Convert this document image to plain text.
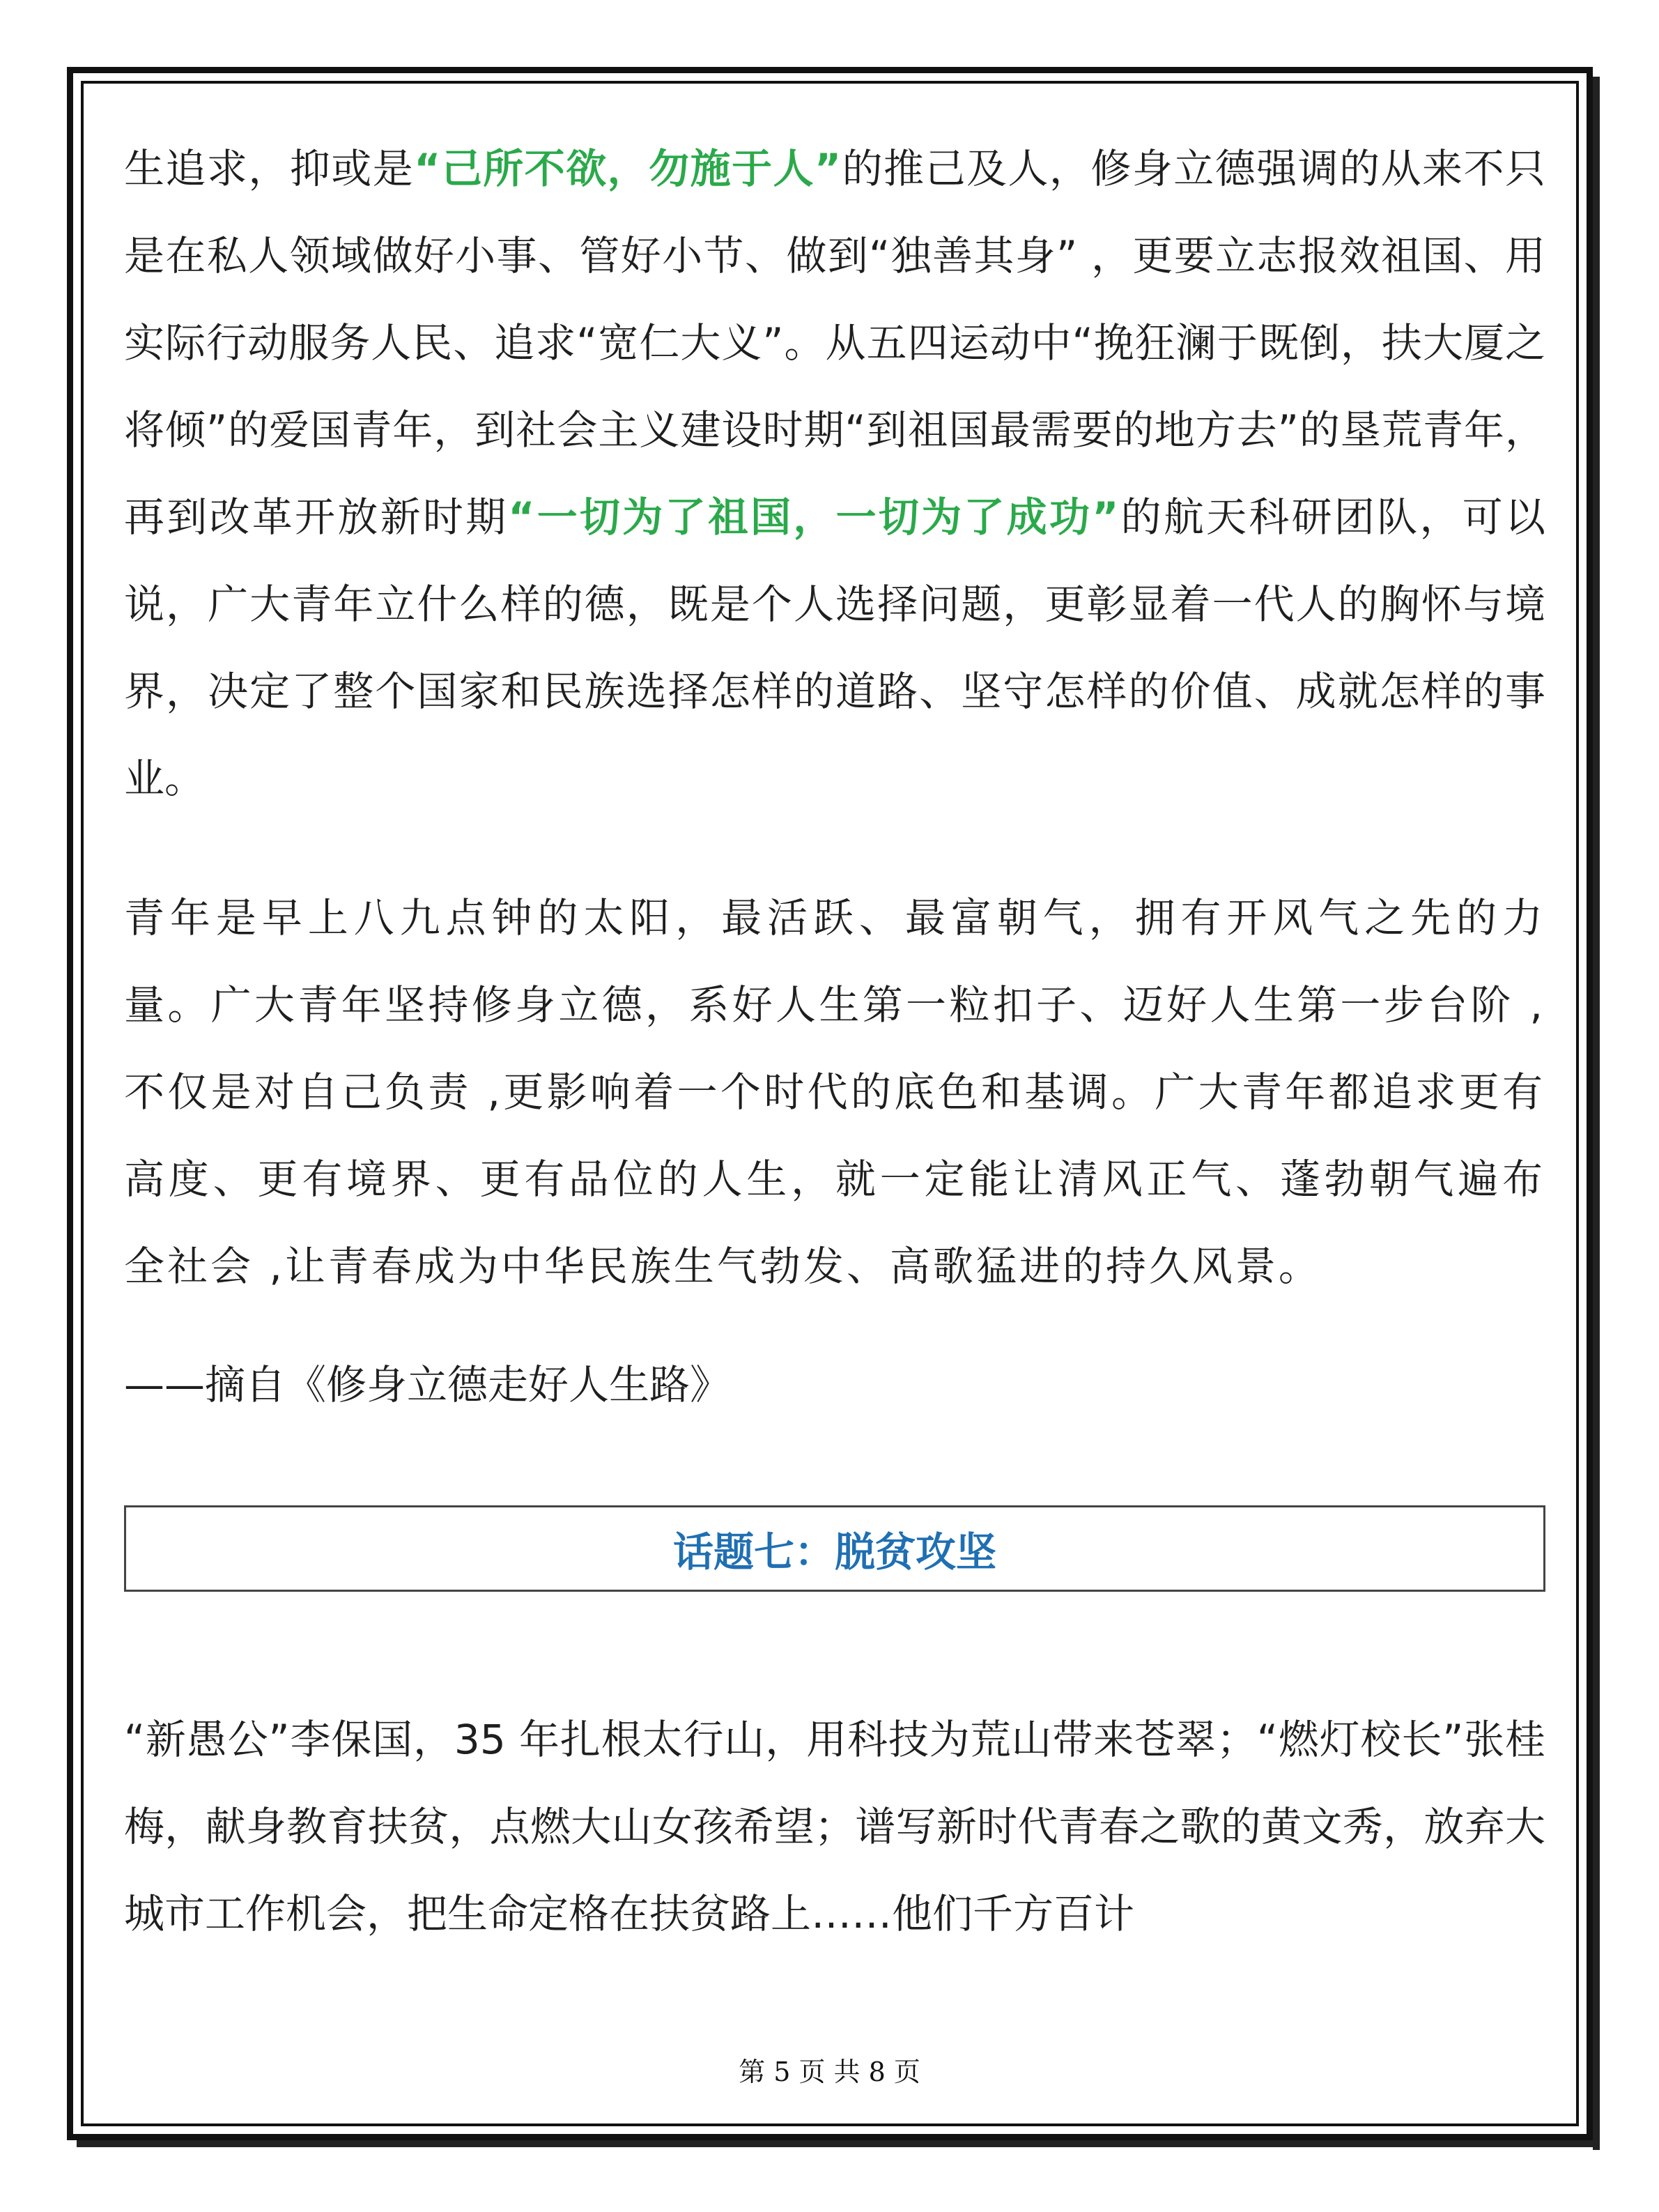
生追求，抑或是“己所不欲，勿施于人”的推己及人，修身立德强调的从来不只是在私人领域做好小事、管好小节、做到“独善其身” ，更要立志报效祖国、用实际行动服务人民、追求“宽仁大义”。从五四运动中“挽狂澜于既倒，扶大厦之将倾”的爱国青年，到社会主义建设时期“到祖国最需要的地方去”的垦荒青年，再到改革开放新时期“一切为了祖国，一切为了成功”的航天科研团队，可以说，广大青年立什么样的德，既是个人选择问题，更彰显着一代人的胸怀与境界，决定了整个国家和民族选择怎样的道路、坚守怎样的价值、成就怎样的事业。

青年是早上八九点钟的太阳，最活跃、最富朝气，拥有开风气之先的力量。广大青年坚持修身立德，系好人生第一粒扣子、迈好人生第一步台阶 ,不仅是对自己负责 ,更影响着一个时代的底色和基调。广大青年都追求更有高度、更有境界、更有品位的人生，就一定能让清风正气、蓬勃朝气遍布全社会 ,让青春成为中华民族生气勃发、高歌猛进的持久风景。

——摘自《修身立德走好人生路》
话题七：脱贫攻坚

“新愚公”李保国，35 年扎根太行山，用科技为荒山带来苍翠；“燃灯校长”张桂梅，献身教育扶贫，点燃大山女孩希望；谱写新时代青春之歌的黄文秀，放弃大城市工作机会，把生命定格在扶贫路上……他们千方百计

第 5 页 共 8 页
